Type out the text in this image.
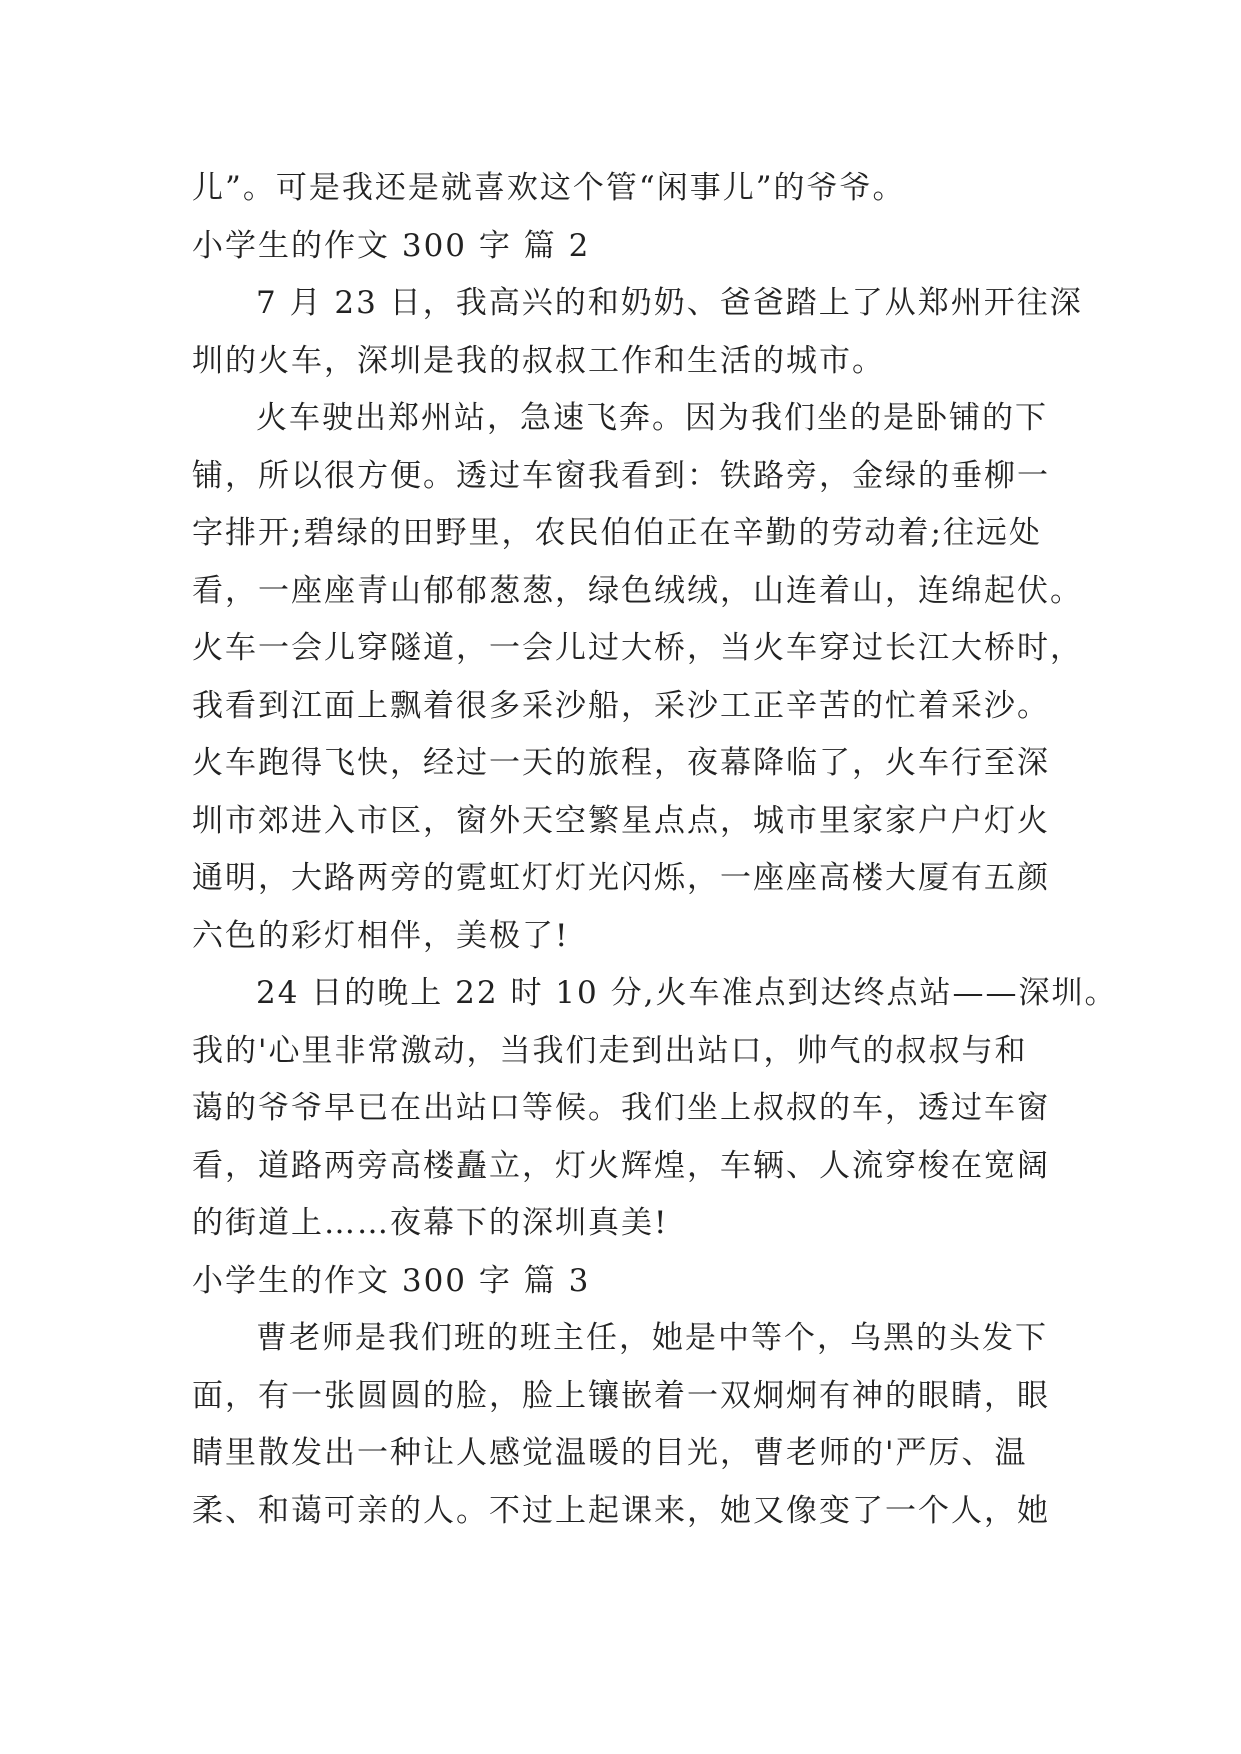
儿”。可是我还是就喜欢这个管“闲事儿”的爷爷。
小学生的作文 300 字 篇 2
7 月 23 日，我高兴的和奶奶、爸爸踏上了从郑州开往深
圳的火车，深圳是我的叔叔工作和生活的城市。
火车驶出郑州站，急速飞奔。因为我们坐的是卧铺的下
铺，所以很方便。透过车窗我看到：铁路旁，金绿的垂柳一
字排开;碧绿的田野里，农民伯伯正在辛勤的劳动着;往远处
看，一座座青山郁郁葱葱，绿色绒绒，山连着山，连绵起伏。
火车一会儿穿隧道，一会儿过大桥，当火车穿过长江大桥时，
我看到江面上飘着很多采沙船，采沙工正辛苦的忙着采沙。
火车跑得飞快，经过一天的旅程，夜幕降临了，火车行至深
圳市郊进入市区，窗外天空繁星点点，城市里家家户户灯火
通明，大路两旁的霓虹灯灯光闪烁，一座座高楼大厦有五颜
六色的彩灯相伴，美极了!
24 日的晚上 22 时 10 分,火车准点到达终点站——深圳。
我的'心里非常激动，当我们走到出站口，帅气的叔叔与和
蔼的爷爷早已在出站口等候。我们坐上叔叔的车，透过车窗
看，道路两旁高楼矗立，灯火辉煌，车辆、人流穿梭在宽阔
的街道上……夜幕下的深圳真美!
小学生的作文 300 字 篇 3
曹老师是我们班的班主任，她是中等个，乌黑的头发下
面，有一张圆圆的脸，脸上镶嵌着一双炯炯有神的眼睛，眼
睛里散发出一种让人感觉温暖的目光，曹老师的'严厉、温
柔、和蔼可亲的人。不过上起课来，她又像变了一个人，她
